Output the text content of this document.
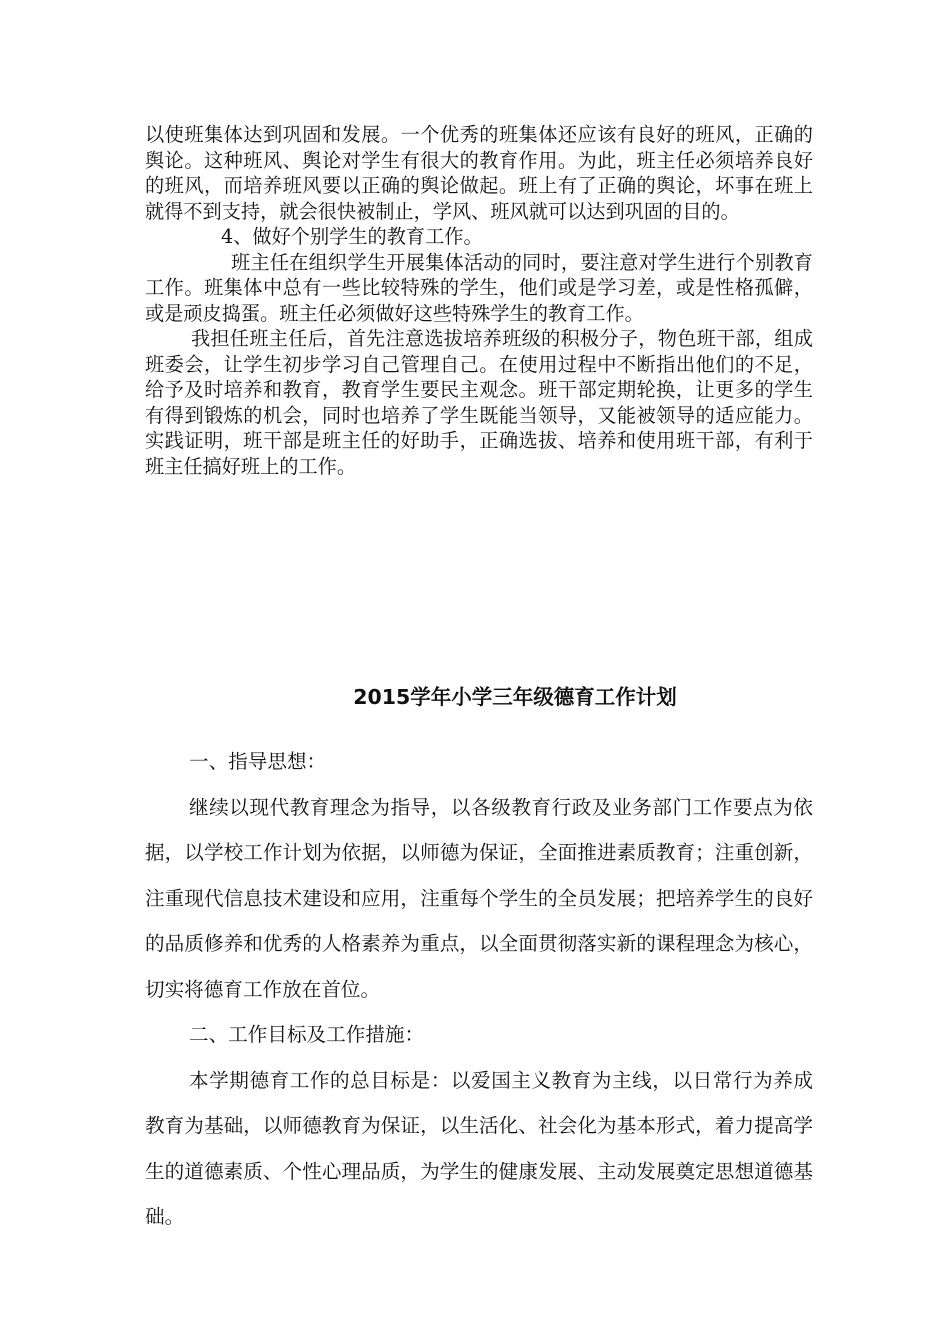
以使班集体达到巩固和发展。一个优秀的班集体还应该有良好的班风，正确的舆论。这种班风、舆论对学生有很大的教育作用。为此，班主任必须培养良好的班风，而培养班风要以正确的舆论做起。班上有了正确的舆论，坏事在班上就得不到支持，就会很快被制止，学风、班风就可以达到巩固的目的。

4、做好个别学生的教育工作。

班主任在组织学生开展集体活动的同时，要注意对学生进行个别教育工作。班集体中总有一些比较特殊的学生，他们或是学习差，或是性格孤僻，或是顽皮捣蛋。班主任必须做好这些特殊学生的教育工作。

我担任班主任后，首先注意选拔培养班级的积极分子，物色班干部，组成班委会，让学生初步学习自己管理自己。在使用过程中不断指出他们的不足，给予及时培养和教育，教育学生要民主观念。班干部定期轮换，让更多的学生有得到锻炼的机会，同时也培养了学生既能当领导，又能被领导的适应能力。实践证明，班干部是班主任的好助手，正确选拔、培养和使用班干部，有利于班主任搞好班上的工作。

2015学年小学三年级德育工作计划

一、指导思想：

继续以现代教育理念为指导，以各级教育行政及业务部门工作要点为依据，以学校工作计划为依据，以师德为保证，全面推进素质教育；注重创新，注重现代信息技术建设和应用，注重每个学生的全员发展；把培养学生的良好的品质修养和优秀的人格素养为重点，以全面贯彻落实新的课程理念为核心，切实将德育工作放在首位。

二、工作目标及工作措施：

本学期德育工作的总目标是：以爱国主义教育为主线，以日常行为养成教育为基础，以师德教育为保证，以生活化、社会化为基本形式，着力提高学生的道德素质、个性心理品质，为学生的健康发展、主动发展奠定思想道德基础。
